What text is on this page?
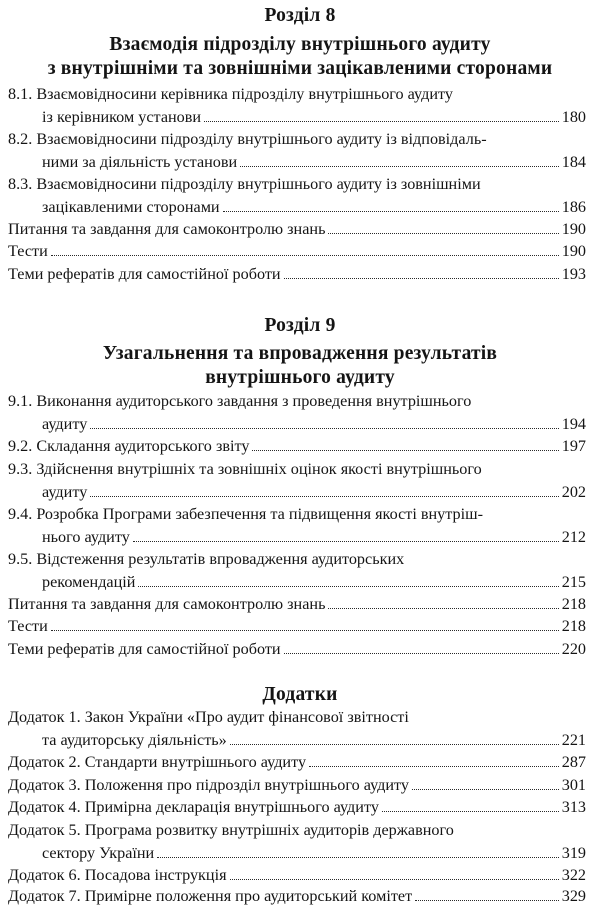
Розділ 8
Взаємодія підрозділу внутрішнього аудиту
з внутрішніми та зовнішніми зацікавленими сторонами
8.1. Взаємовідносини керівника підрозділу внутрішнього аудиту
із керівником установи	180
8.2. Взаємовідносини підрозділу внутрішнього аудиту із відповідаль-
ними за діяльність установи	184
8.3. Взаємовідносини підрозділу внутрішнього аудиту із зовнішніми
зацікавленими сторонами	186
Питання та завдання для самоконтролю знань	190
Тести	190
Теми рефератів для самостійної роботи	193
Розділ 9
Узагальнення та впровадження результатів
внутрішнього аудиту
9.1. Виконання аудиторського завдання з проведення внутрішнього
аудиту	194
9.2. Складання аудиторського звіту	197
9.3. Здійснення внутрішніх та зовнішніх оцінок якості внутрішнього
аудиту	202
9.4. Розробка Програми забезпечення та підвищення якості внутріш-
нього аудиту	212
9.5. Відстеження результатів впровадження аудиторських
рекомендацій	215
Питання та завдання для самоконтролю знань	218
Тести	218
Теми рефератів для самостійної роботи	220
Додатки
Додаток 1. Закон України «Про аудит фінансової звітності
та аудиторську діяльність»	221
Додаток 2. Стандарти внутрішнього аудиту	287
Додаток 3. Положення про підрозділ внутрішнього аудиту	301
Додаток 4. Примірна декларація внутрішнього аудиту	313
Додаток 5. Програма розвитку внутрішніх аудиторів державного
сектору України	319
Додаток 6. Посадова інструкція	322
Додаток 7. Примірне положення про аудиторський комітет	329
